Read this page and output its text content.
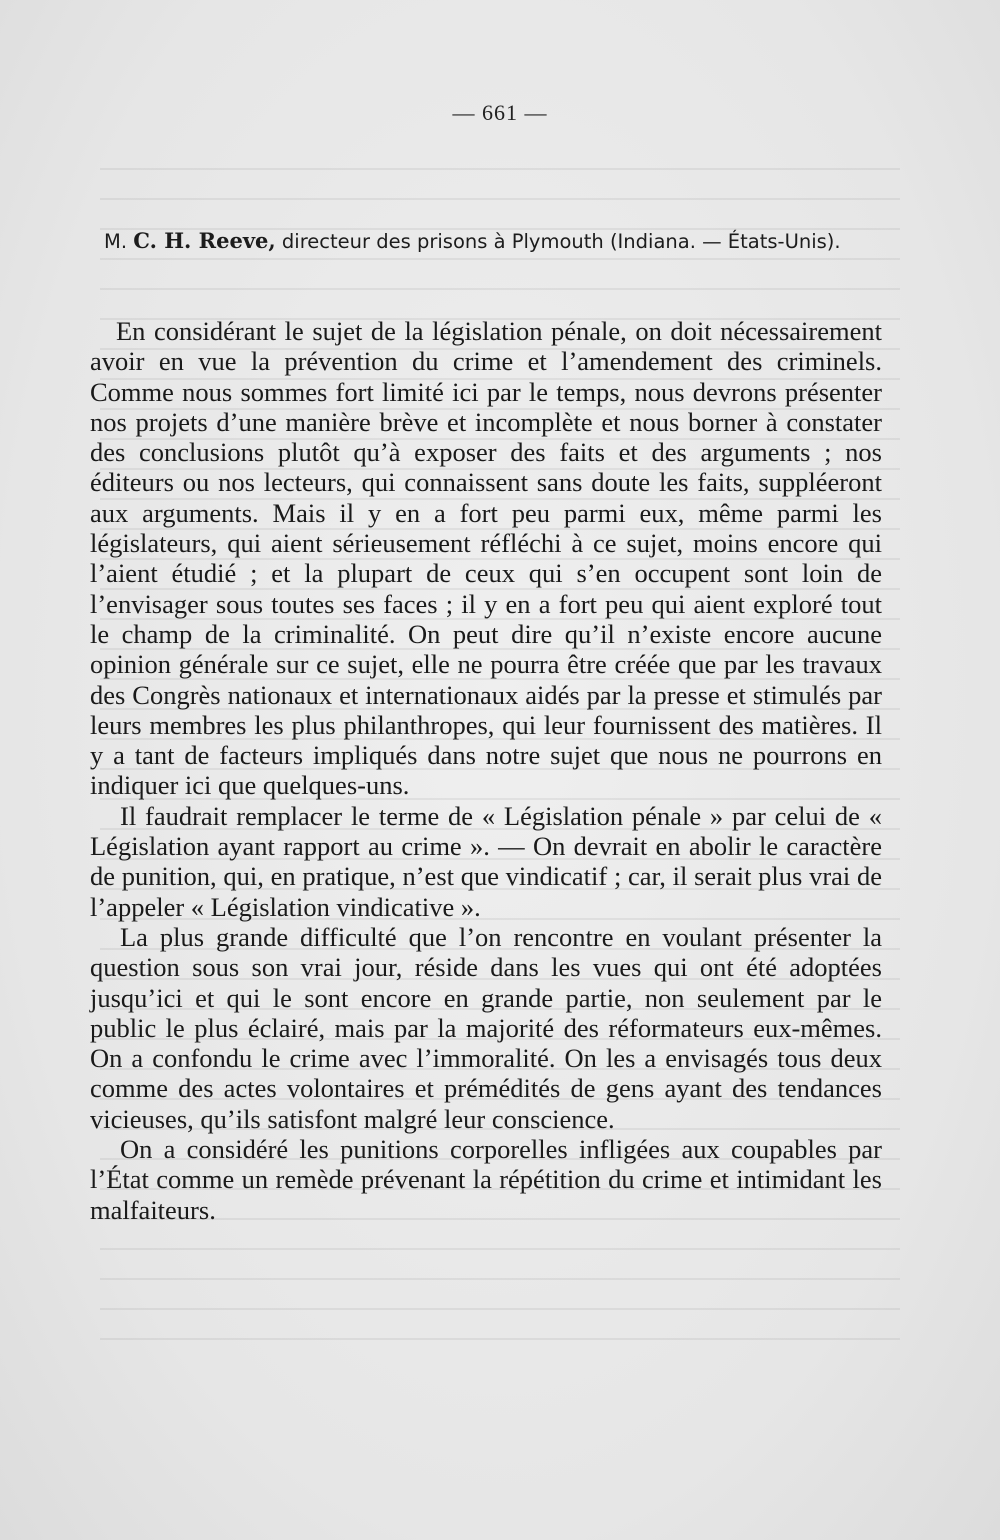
— 661 —
M. C. H. Reeve, directeur des prisons à Plymouth (Indiana. — États-Unis).

En considérant le sujet de la législation pénale, on doit nécessairement avoir en vue la prévention du crime et l’amendement des criminels. Comme nous sommes fort limité ici par le temps, nous devrons présenter nos projets d’une manière brève et incomplète et nous borner à constater des conclusions plutôt qu’à exposer des faits et des arguments ; nos éditeurs ou nos lecteurs, qui connaissent sans doute les faits, suppléeront aux arguments. Mais il y en a fort peu parmi eux, même parmi les législateurs, qui aient sérieusement réfléchi à ce sujet, moins encore qui l’aient étudié ; et la plupart de ceux qui s’en occupent sont loin de l’envisager sous toutes ses faces ; il y en a fort peu qui aient exploré tout le champ de la criminalité. On peut dire qu’il n’existe encore aucune opinion générale sur ce sujet, elle ne pourra être créée que par les travaux des Congrès nationaux et internationaux aidés par la presse et stimulés par leurs membres les plus philanthropes, qui leur fournissent des matières. Il y a tant de facteurs impliqués dans notre sujet que nous ne pourrons en indiquer ici que quelques-uns.

Il faudrait remplacer le terme de « Législation pénale » par celui de « Législation ayant rapport au crime ». — On devrait en abolir le caractère de punition, qui, en pratique, n’est que vindicatif ; car, il serait plus vrai de l’appeler « Législation vindicative ».

La plus grande difficulté que l’on rencontre en voulant présenter la question sous son vrai jour, réside dans les vues qui ont été adoptées jusqu’ici et qui le sont encore en grande partie, non seulement par le public le plus éclairé, mais par la majorité des réformateurs eux-mêmes. On a confondu le crime avec l’immoralité. On les a envisagés tous deux comme des actes volontaires et prémédités de gens ayant des tendances vicieuses, qu’ils satisfont malgré leur conscience.

On a considéré les punitions corporelles infligées aux coupables par l’État comme un remède prévenant la répétition du crime et intimidant les malfaiteurs.
